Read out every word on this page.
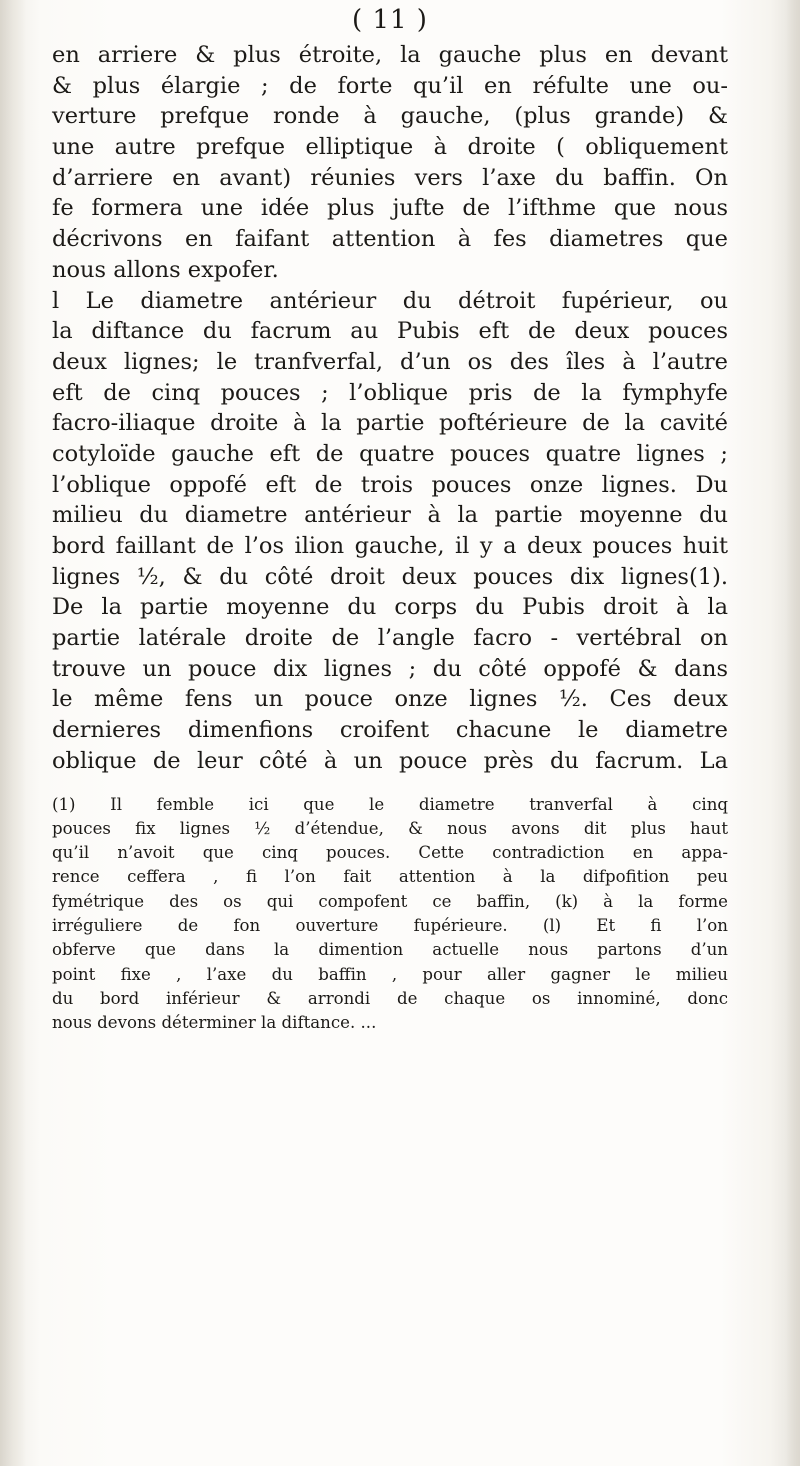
( 11 )
en arriere & plus étroite, la gauche plus en devant
& plus élargie ; de forte qu’il en réfulte une ou-
verture prefque ronde à gauche, (plus grande) &
une autre prefque elliptique à droite ( obliquement
d’arriere en avant) réunies vers l’axe du baffin. On
fe formera une idée plus jufte de l’ifthme que nous
décrivons en faifant attention à fes diametres que
nous allons expofer.
l Le diametre antérieur du détroit fupérieur, ou
la diftance du facrum au Pubis eft de deux pouces
deux lignes; le tranfverfal, d’un os des îles à l’autre
eft de cinq pouces ; l’oblique pris de la fymphyfe
facro-iliaque droite à la partie poftérieure de la cavité
cotyloïde gauche eft de quatre pouces quatre lignes ;
l’oblique oppofé eft de trois pouces onze lignes. Du
milieu du diametre antérieur à la partie moyenne du
bord faillant de l’os ilion gauche, il y a deux pouces huit
lignes ½, & du côté droit deux pouces dix lignes(1).
De la partie moyenne du corps du Pubis droit à la
partie latérale droite de l’angle facro - vertébral on
trouve un pouce dix lignes ; du côté oppofé & dans
le même fens un pouce onze lignes ½. Ces deux
dernieres dimenfions croifent chacune le diametre
oblique de leur côté à un pouce près du facrum. La
(1) Il femble ici que le diametre tranverfal à cinq
pouces fix lignes ½ d’étendue, & nous avons dit plus haut
qu’il n’avoit que cinq pouces. Cette contradiction en appa-
rence ceffera , fi l’on fait attention à la difpofition peu
fymétrique des os qui compofent ce baffin, (k) à la forme
irréguliere de fon ouverture fupérieure. (l) Et fi l’on
obferve que dans la dimention actuelle nous partons d’un
point fixe , l’axe du baffin , pour aller gagner le milieu
du bord inférieur & arrondi de chaque os innominé, donc
nous devons déterminer la diftance. ...
